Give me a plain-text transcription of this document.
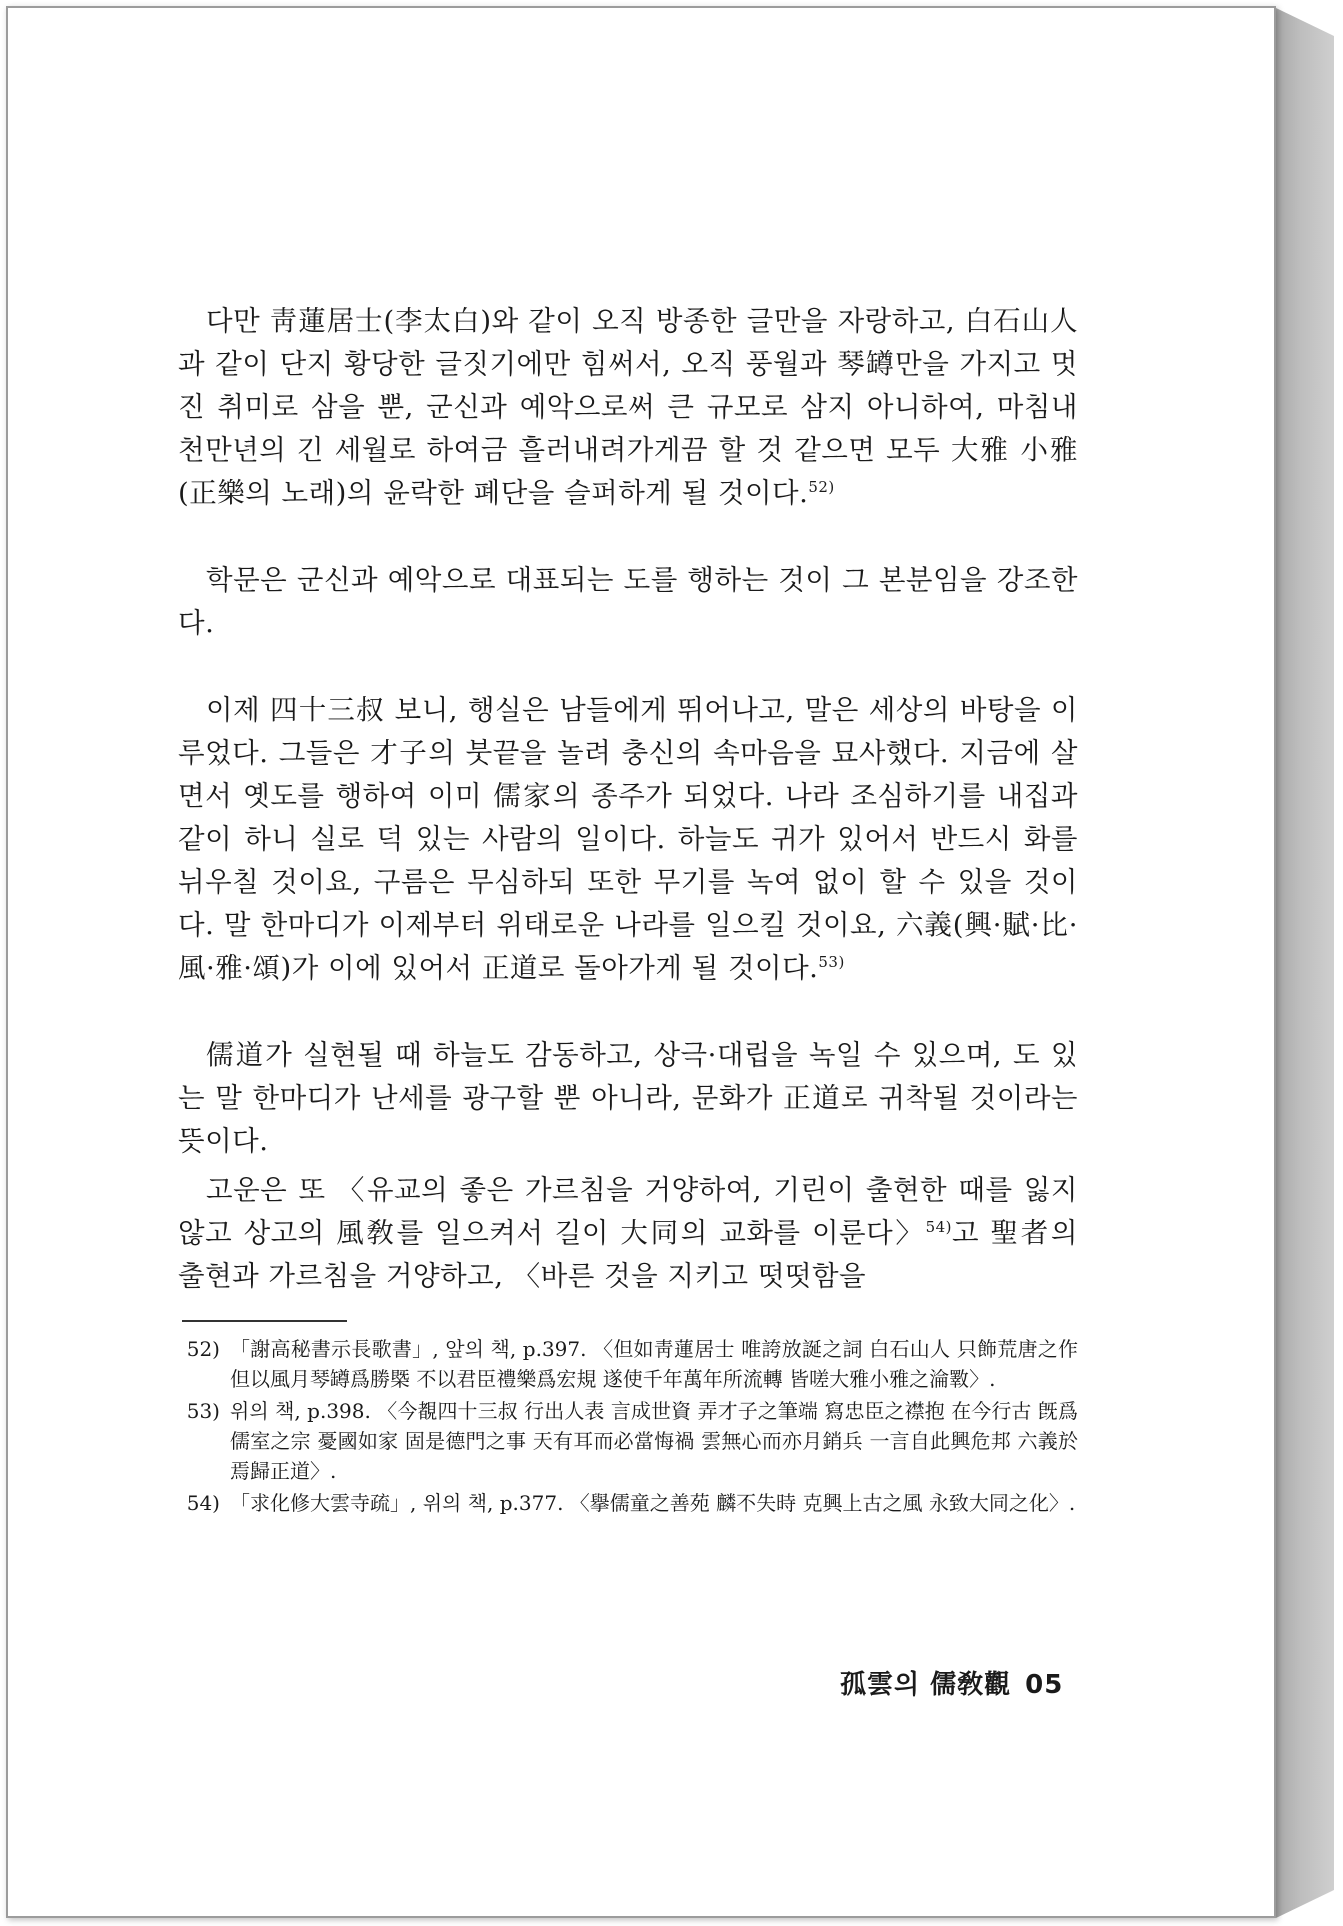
다만 靑蓮居士(李太白)와 같이 오직 방종한 글만을 자랑하고, 白石山人과 같이 단지 황당한 글짓기에만 힘써서, 오직 풍월과 琴罇만을 가지고 멋진 취미로 삼을 뿐, 군신과 예악으로써 큰 규모로 삼지 아니하여, 마침내 천만년의 긴 세월로 하여금 흘러내려가게끔 할 것 같으면 모두 大雅 小雅(正樂의 노래)의 윤락한 폐단을 슬퍼하게 될 것이다.$^{52)}$

학문은 군신과 예악으로 대표되는 도를 행하는 것이 그 본분임을 강조한다.

이제 四十三叔 보니, 행실은 남들에게 뛰어나고, 말은 세상의 바탕을 이루었다. 그들은 才子의 붓끝을 놀려 충신의 속마음을 묘사했다. 지금에 살면서 옛도를 행하여 이미 儒家의 종주가 되었다. 나라 조심하기를 내집과 같이 하니 실로 덕 있는 사람의 일이다. 하늘도 귀가 있어서 반드시 화를 뉘우칠 것이요, 구름은 무심하되 또한 무기를 녹여 없이 할 수 있을 것이다. 말 한마디가 이제부터 위태로운 나라를 일으킬 것이요, 六義(興·賦·比·風·雅·頌)가 이에 있어서 正道로 돌아가게 될 것이다.$^{53)}$

儒道가 실현될 때 하늘도 감동하고, 상극·대립을 녹일 수 있으며, 도 있는 말 한마디가 난세를 광구할 뿐 아니라, 문화가 正道로 귀착될 것이라는 뜻이다.

고운은 또 〈유교의 좋은 가르침을 거양하여, 기린이 출현한 때를 잃지 않고 상고의 風敎를 일으켜서 길이 大同의 교화를 이룬다〉$^{54)}$고 聖者의 출현과 가르침을 거양하고, 〈바른 것을 지키고 떳떳함을

52) 「謝高秘書示長歌書」, 앞의 책, p.397. 〈但如靑蓮居士 唯誇放誕之詞 白石山人 只飾荒唐之作 但以風月琴罇爲勝槩 不以君臣禮樂爲宏規 遂使千年萬年所流轉 皆嗟大雅小雅之淪斁〉.
53) 위의 책, p.398. 〈今覩四十三叔 行出人表 言成世資 弄才子之筆端 寫忠臣之襟抱 在今行古 旣爲儒室之宗 憂國如家 固是德門之事 天有耳而必當悔禍 雲無心而亦月銷兵 一言自此興危邦 六義於焉歸正道〉.
54) 「求化修大雲寺疏」, 위의 책, p.377. 〈擧儒童之善苑 麟不失時 克興上古之風 永致大同之化〉.
孤雲의 儒敎觀 05
